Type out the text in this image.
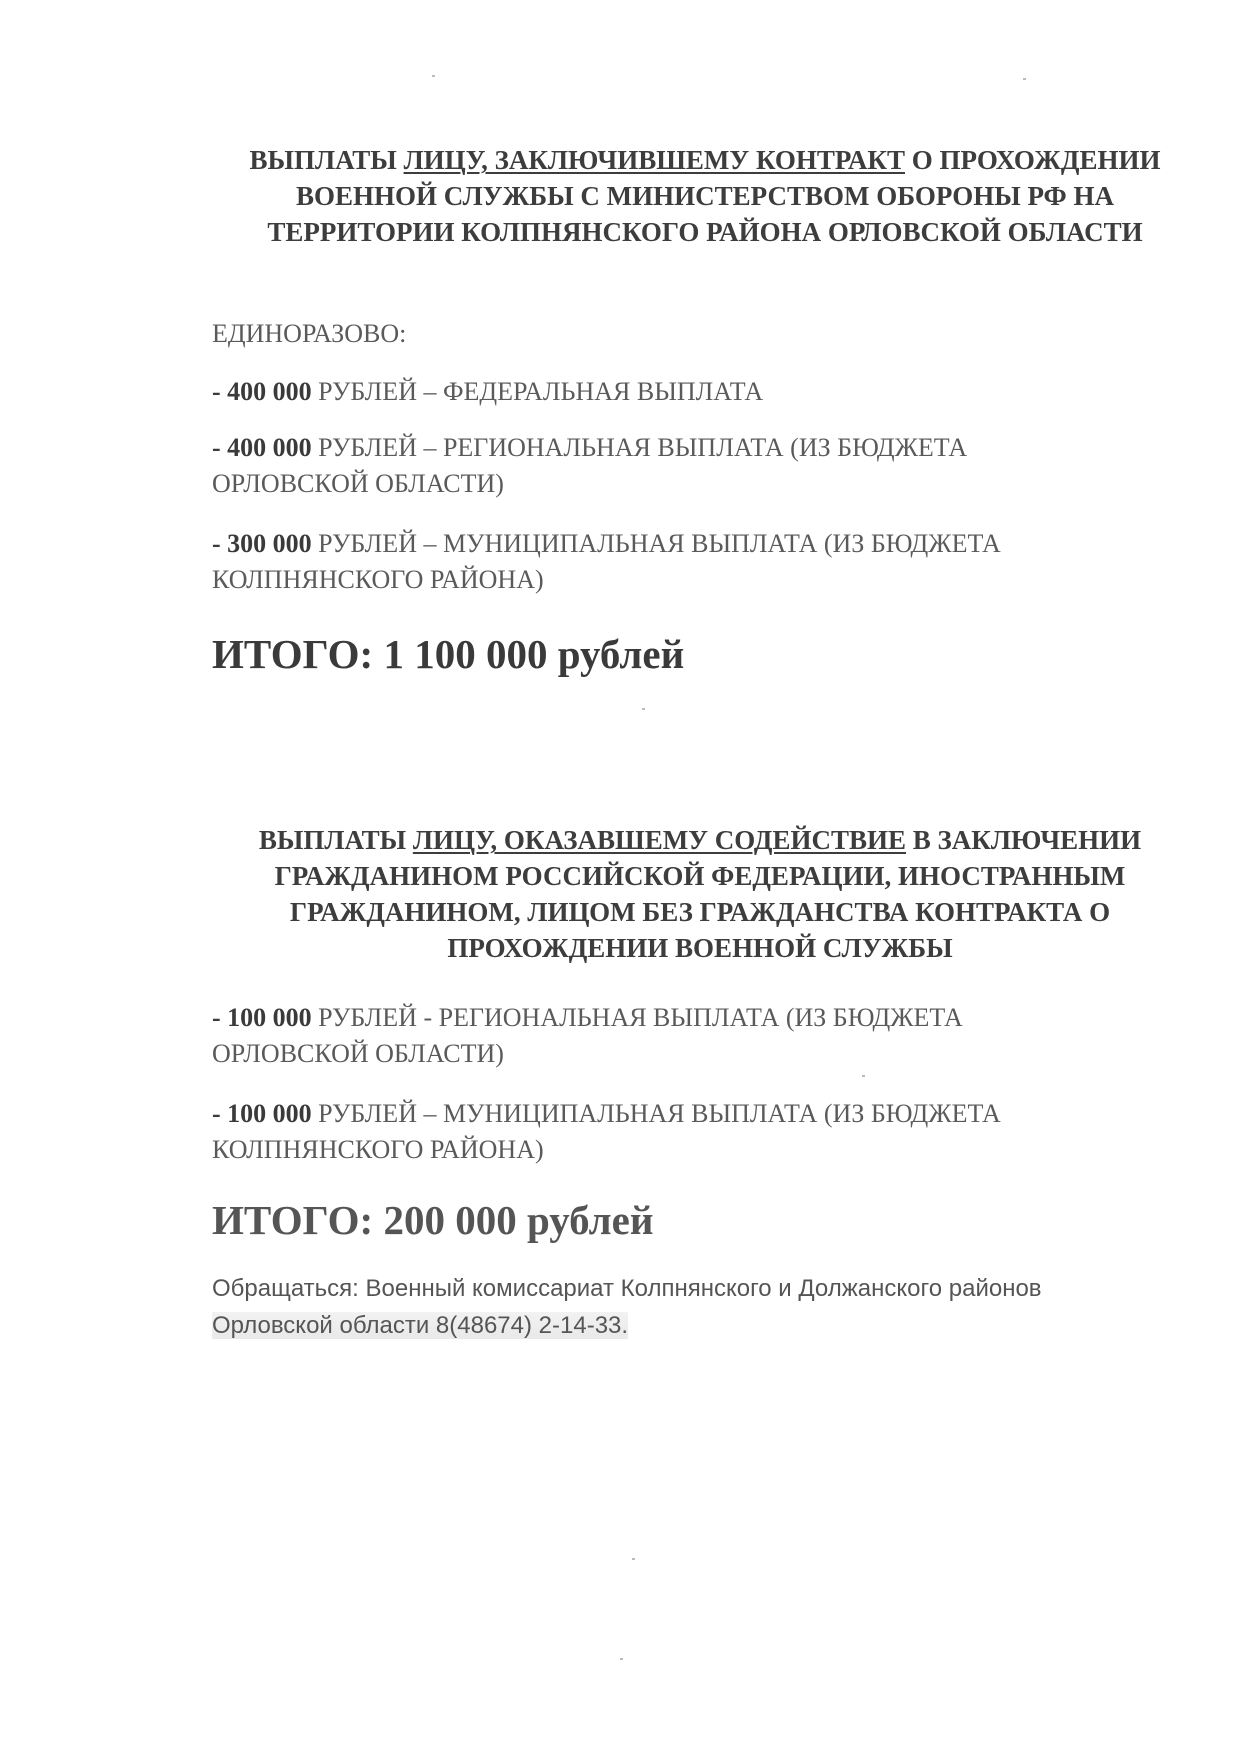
ВЫПЛАТЫ ЛИЦУ, ЗАКЛЮЧИВШЕМУ КОНТРАКТ О ПРОХОЖДЕНИИ ВОЕННОЙ СЛУЖБЫ С МИНИСТЕРСТВОМ ОБОРОНЫ РФ НА ТЕРРИТОРИИ КОЛПНЯНСКОГО РАЙОНА ОРЛОВСКОЙ ОБЛАСТИ
ЕДИНОРАЗОВО:
- 400 000 РУБЛЕЙ – ФЕДЕРАЛЬНАЯ ВЫПЛАТА
- 400 000 РУБЛЕЙ – РЕГИОНАЛЬНАЯ ВЫПЛАТА (ИЗ БЮДЖЕТА ОРЛОВСКОЙ ОБЛАСТИ)
- 300 000 РУБЛЕЙ – МУНИЦИПАЛЬНАЯ ВЫПЛАТА (ИЗ БЮДЖЕТА КОЛПНЯНСКОГО РАЙОНА)
ИТОГО: 1 100 000 рублей
ВЫПЛАТЫ ЛИЦУ, ОКАЗАВШЕМУ СОДЕЙСТВИЕ В ЗАКЛЮЧЕНИИ ГРАЖДАНИНОМ РОССИЙСКОЙ ФЕДЕРАЦИИ, ИНОСТРАННЫМ ГРАЖДАНИНОМ, ЛИЦОМ БЕЗ ГРАЖДАНСТВА КОНТРАКТА О ПРОХОЖДЕНИИ ВОЕННОЙ СЛУЖБЫ
- 100 000 РУБЛЕЙ - РЕГИОНАЛЬНАЯ ВЫПЛАТА (ИЗ БЮДЖЕТА ОРЛОВСКОЙ ОБЛАСТИ)
- 100 000 РУБЛЕЙ – МУНИЦИПАЛЬНАЯ ВЫПЛАТА (ИЗ БЮДЖЕТА КОЛПНЯНСКОГО РАЙОНА)
ИТОГО: 200 000 рублей
Обращаться: Военный комиссариат Колпнянского и Должанского районов
Орловской области 8(48674) 2-14-33.
